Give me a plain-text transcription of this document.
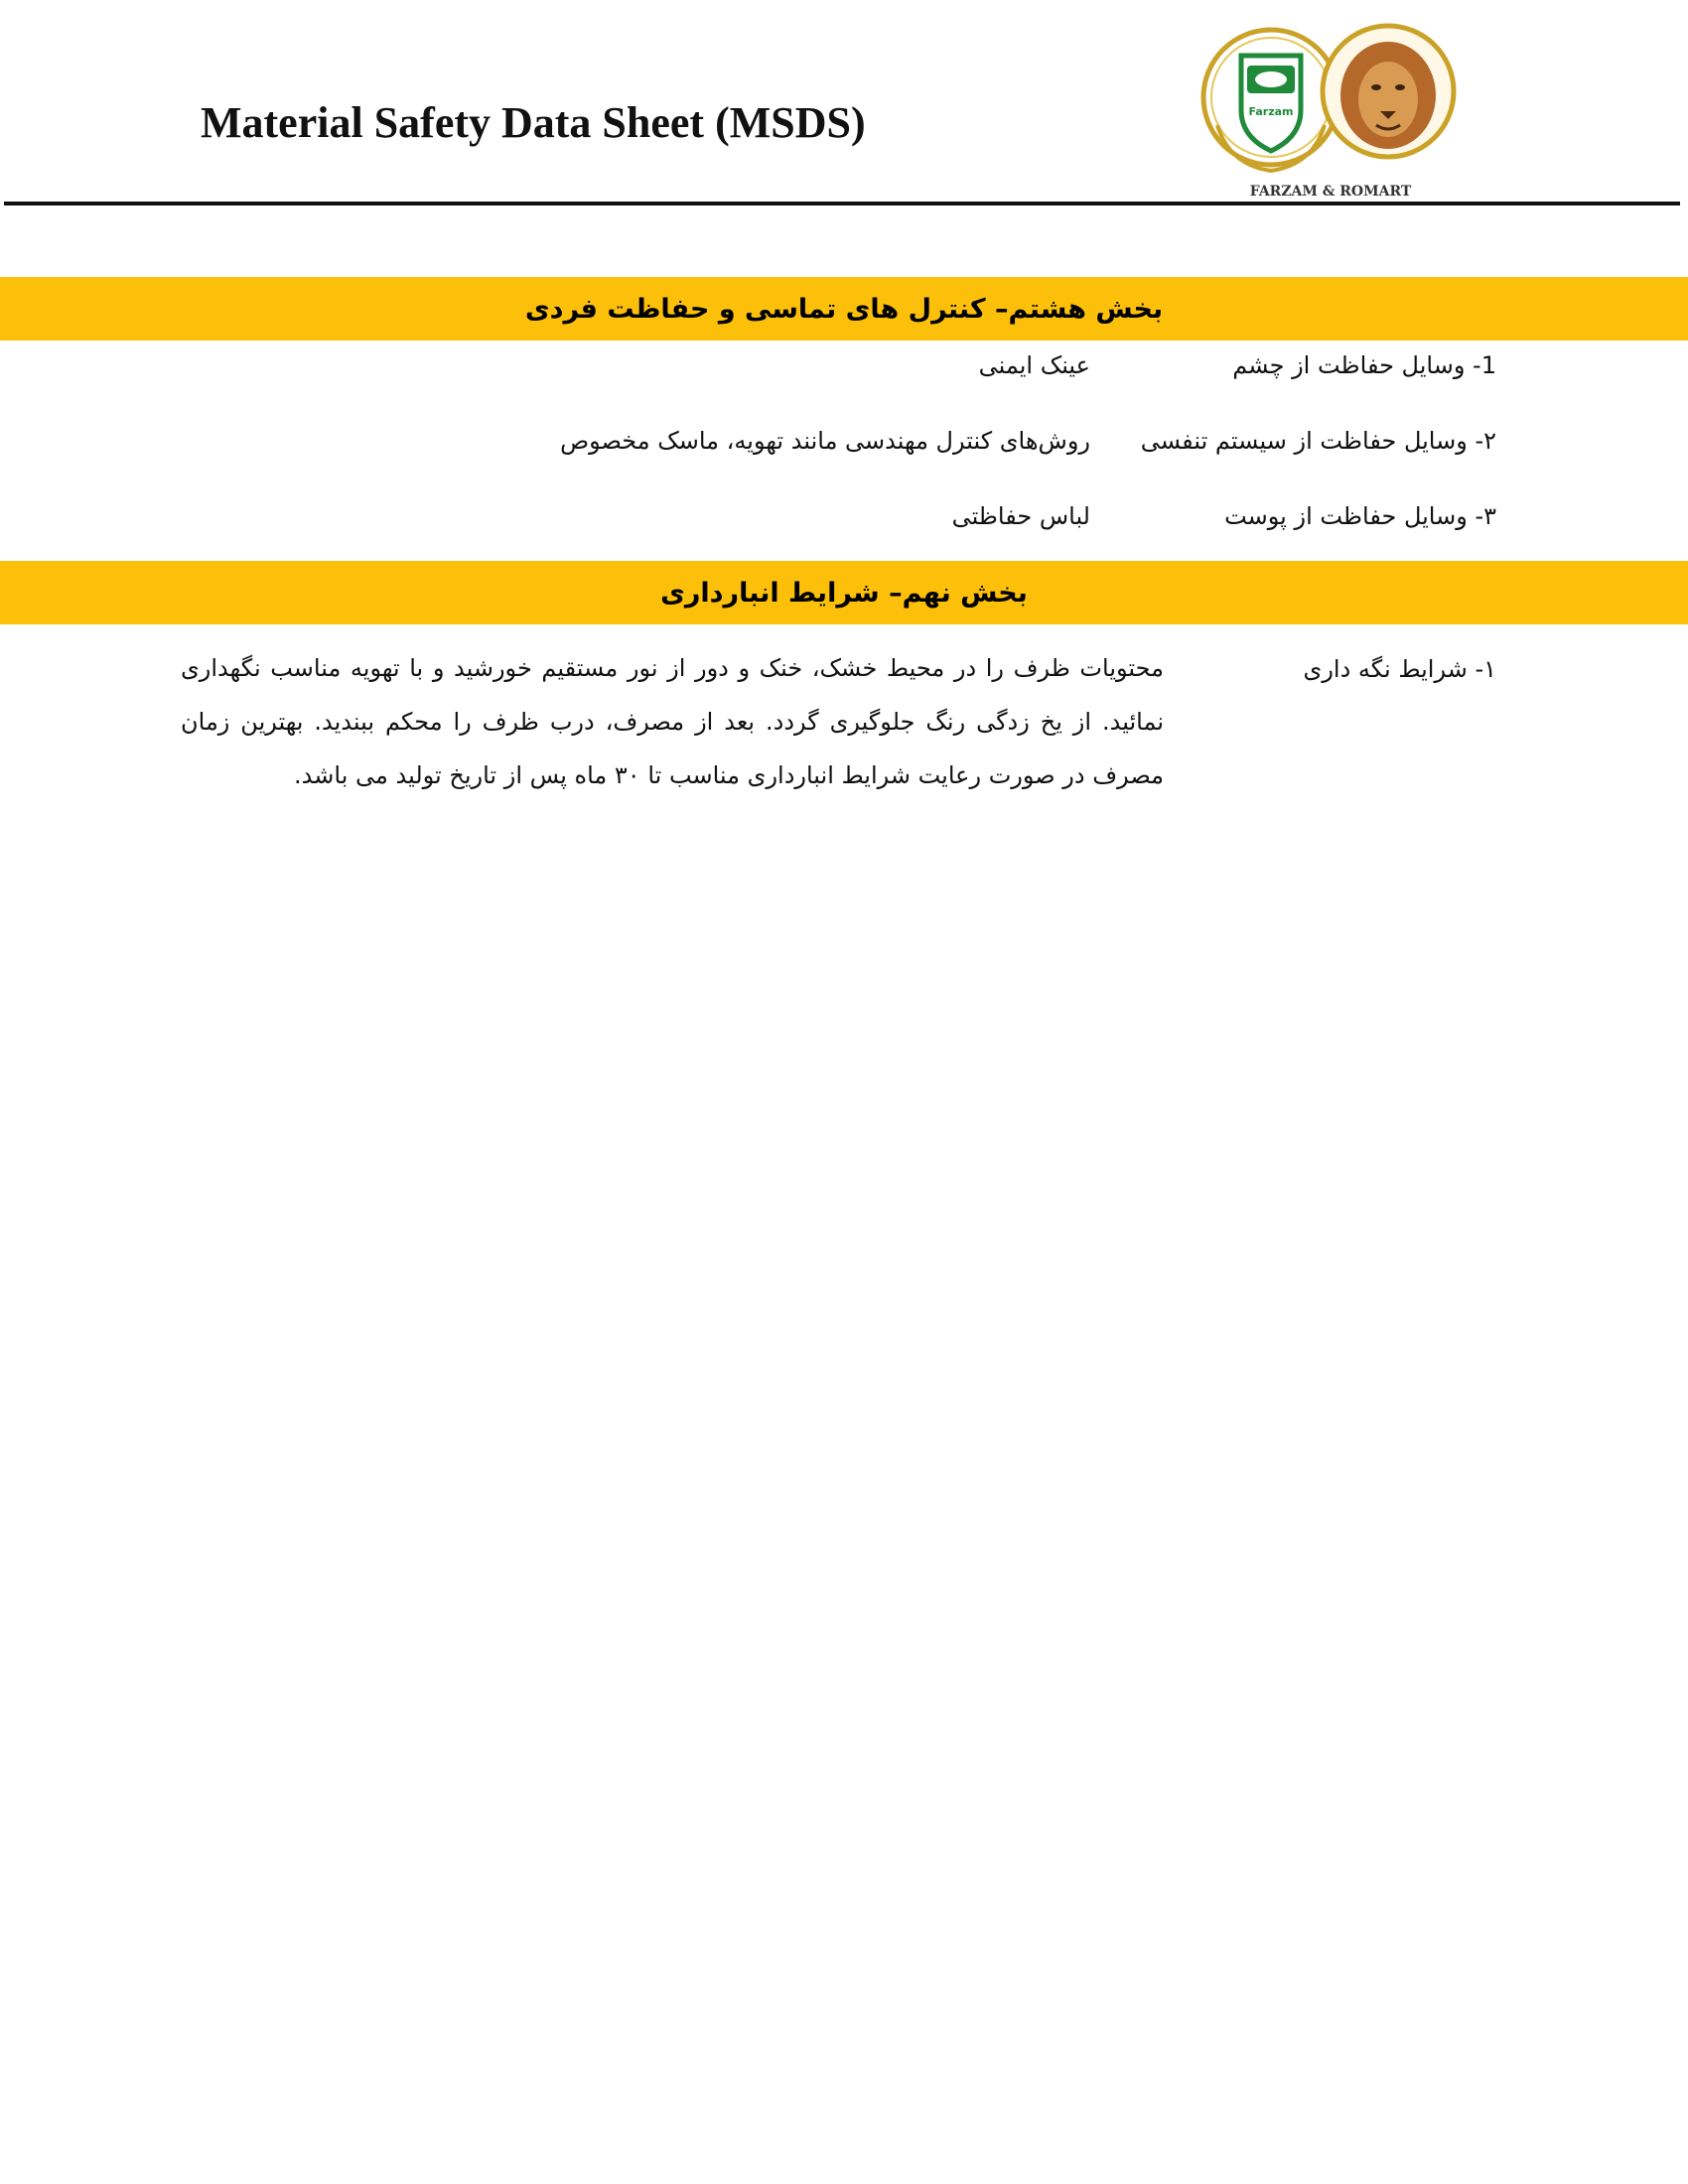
Material Safety Data Sheet (MSDS)	Farzam
FARZAM & ROMART
بخش هشتم– کنترل های تماسی و حفاظت فردی
1- وسایل حفاظت از چشم
عینک ایمنی
۲- وسایل حفاظت از سیستم تنفسی
روش‌های کنترل مهندسی مانند تهویه، ماسک مخصوص
۳- وسایل حفاظت از پوست
لباس حفاظتی
بخش نهم– شرایط انبارداری
۱- شرایط نگه داری
محتویات ظرف را در محیط خشک، خنک و دور از نور مستقیم خورشید و با تهویه مناسب نگهداری نمائید. از یخ زدگی رنگ جلوگیری گردد. بعد از مصرف، درب ظرف را محکم ببندید. بهترین زمان مصرف در صورت رعایت شرایط انبارداری مناسب تا ۳۰ ماه پس از تاریخ تولید می باشد.
